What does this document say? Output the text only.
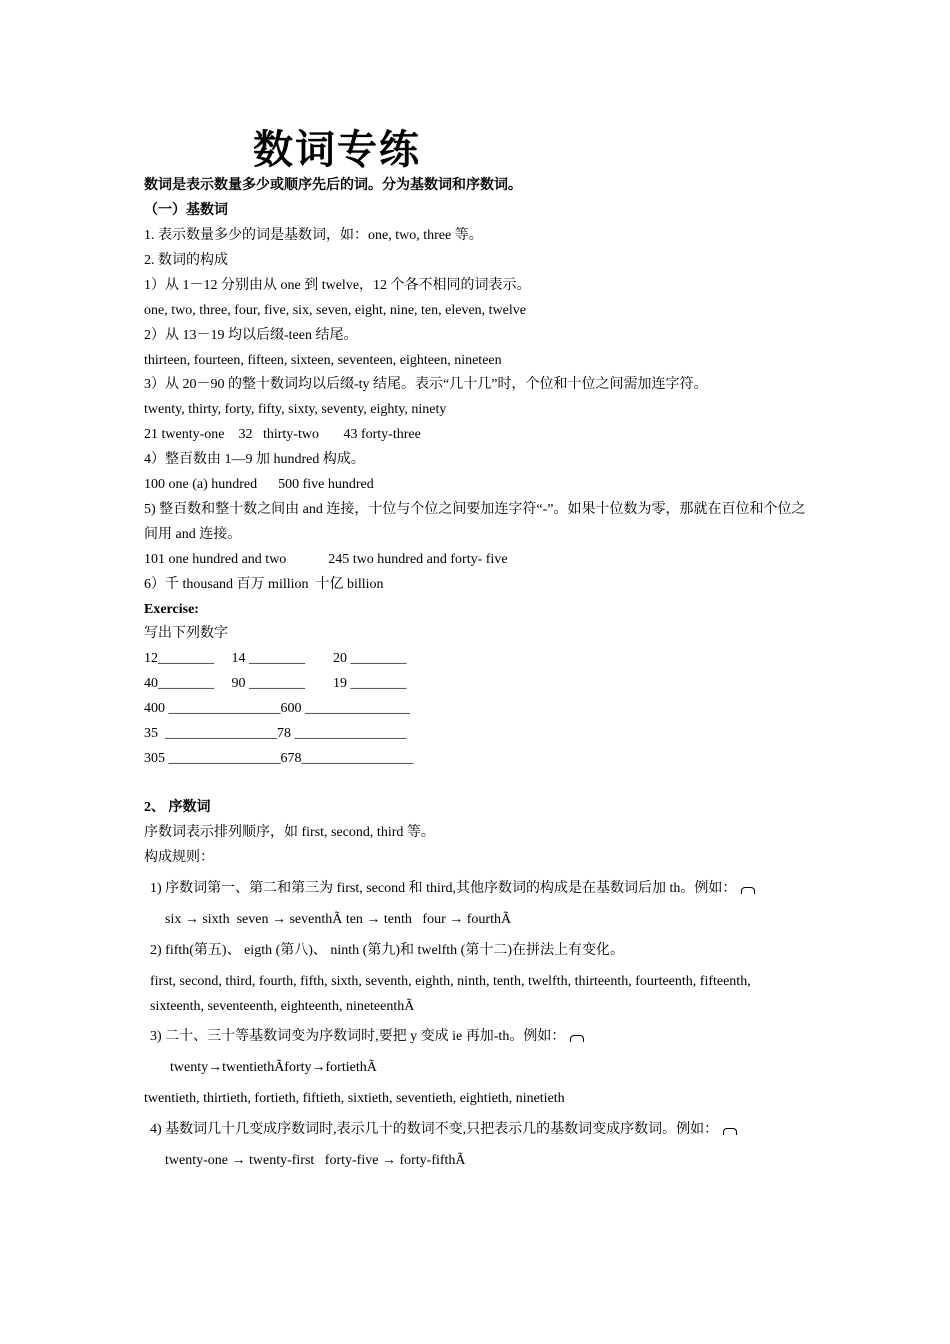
数词专练

数词是表示数量多少或顺序先后的词。分为基数词和序数词。

（一）基数词

1. 表示数量多少的词是基数词，如：one, two, three 等。

2. 数词的构成

1）从 1－12 分别由从 one 到 twelve，12 个各不相同的词表示。

one, two, three, four, five, six, seven, eight, nine, ten, eleven, twelve

2）从 13－19 均以后缀-teen 结尾。

thirteen, fourteen, fifteen, sixteen, seventeen, eighteen, nineteen

3）从 20－90 的整十数词均以后缀-ty 结尾。表示“几十几”时，个位和十位之间需加连字符。

twenty, thirty, forty, fifty, sixty, seventy, eighty, ninety

21 twenty-one    32   thirty-two       43 forty-three

4）整百数由 1—9 加 hundred 构成。

100 one (a) hundred      500 five hundred

5) 整百数和整十数之间由 and 连接，十位与个位之间要加连字符“-”。如果十位数为零，那就在百位和个位之

间用 and 连接。

101 one hundred and two            245 two hundred and forty- five

6）千 thousand 百万 million  十亿 billion

Exercise:

写出下列数字

12________     14 ________        20 ________

40________     90 ________        19 ________

400 ________________600 _______________

35  ________________78 ________________

305 ________________678________________

2、 序数词

序数词表示排列顺序，如 first, second, third 等。

构成规则：

1) 序数词第一、第二和第三为 first, second 和 third,其他序数词的构成是在基数词后加 th。例如：

six → sixth  seven → seventhÃ ten → tenth   four → fourthÃ

2) fifth(第五)、 eigth (第八)、 ninth (第九)和 twelfth (第十二)在拼法上有变化。

first, second, third, fourth, fifth, sixth, seventh, eighth, ninth, tenth, twelfth, thirteenth, fourteenth, fifteenth,

sixteenth, seventeenth, eighteenth, nineteenthÃ

3) 二十、三十等基数词变为序数词时,要把 y 变成 ie 再加-th。例如：

twenty→twentiethÃforty→fortiethÃ

twentieth, thirtieth, fortieth, fiftieth, sixtieth, seventieth, eightieth, ninetieth

4) 基数词几十几变成序数词时,表示几十的数词不变,只把表示几的基数词变成序数词。例如：

twenty-one → twenty-first   forty-five → forty-fifthÃ
